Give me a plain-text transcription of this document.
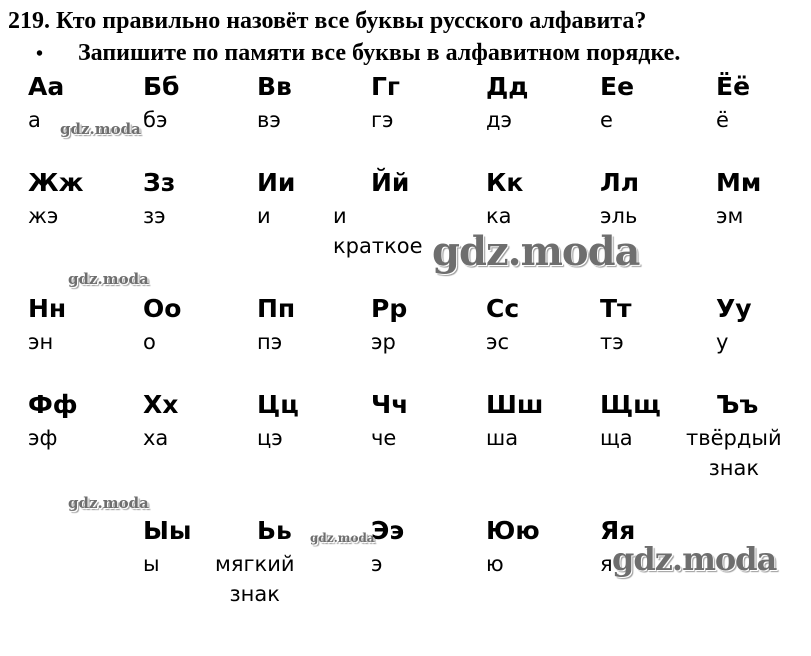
219. Кто правильно назовёт все буквы русского алфавита?
• Запишите по памяти все буквы в алфавитном порядке.
Аа
а
Бб
бэ
Вв
вэ
Гг
гэ
Дд
дэ
Ее
е
Ёё
ё
Жж
жэ
Зз
зэ
Ии
и
Йй
и
краткое
Кк
ка
Лл
эль
Мм
эм
Нн
эн
Оо
о
Пп
пэ
Рр
эр
Сс
эс
Тт
тэ
Уу
у
Фф
эф
Хх
ха
Цц
цэ
Чч
че
Шш
ша
Щщ
ща
Ъъ
твёрдый
знак
Ыы
ы
Ьь
мягкий
знак
Ээ
э
Юю
ю
Яя
я
gdz.moda
gdz.moda
gdz.moda
gdz.moda
gdz.moda
gdz.moda
